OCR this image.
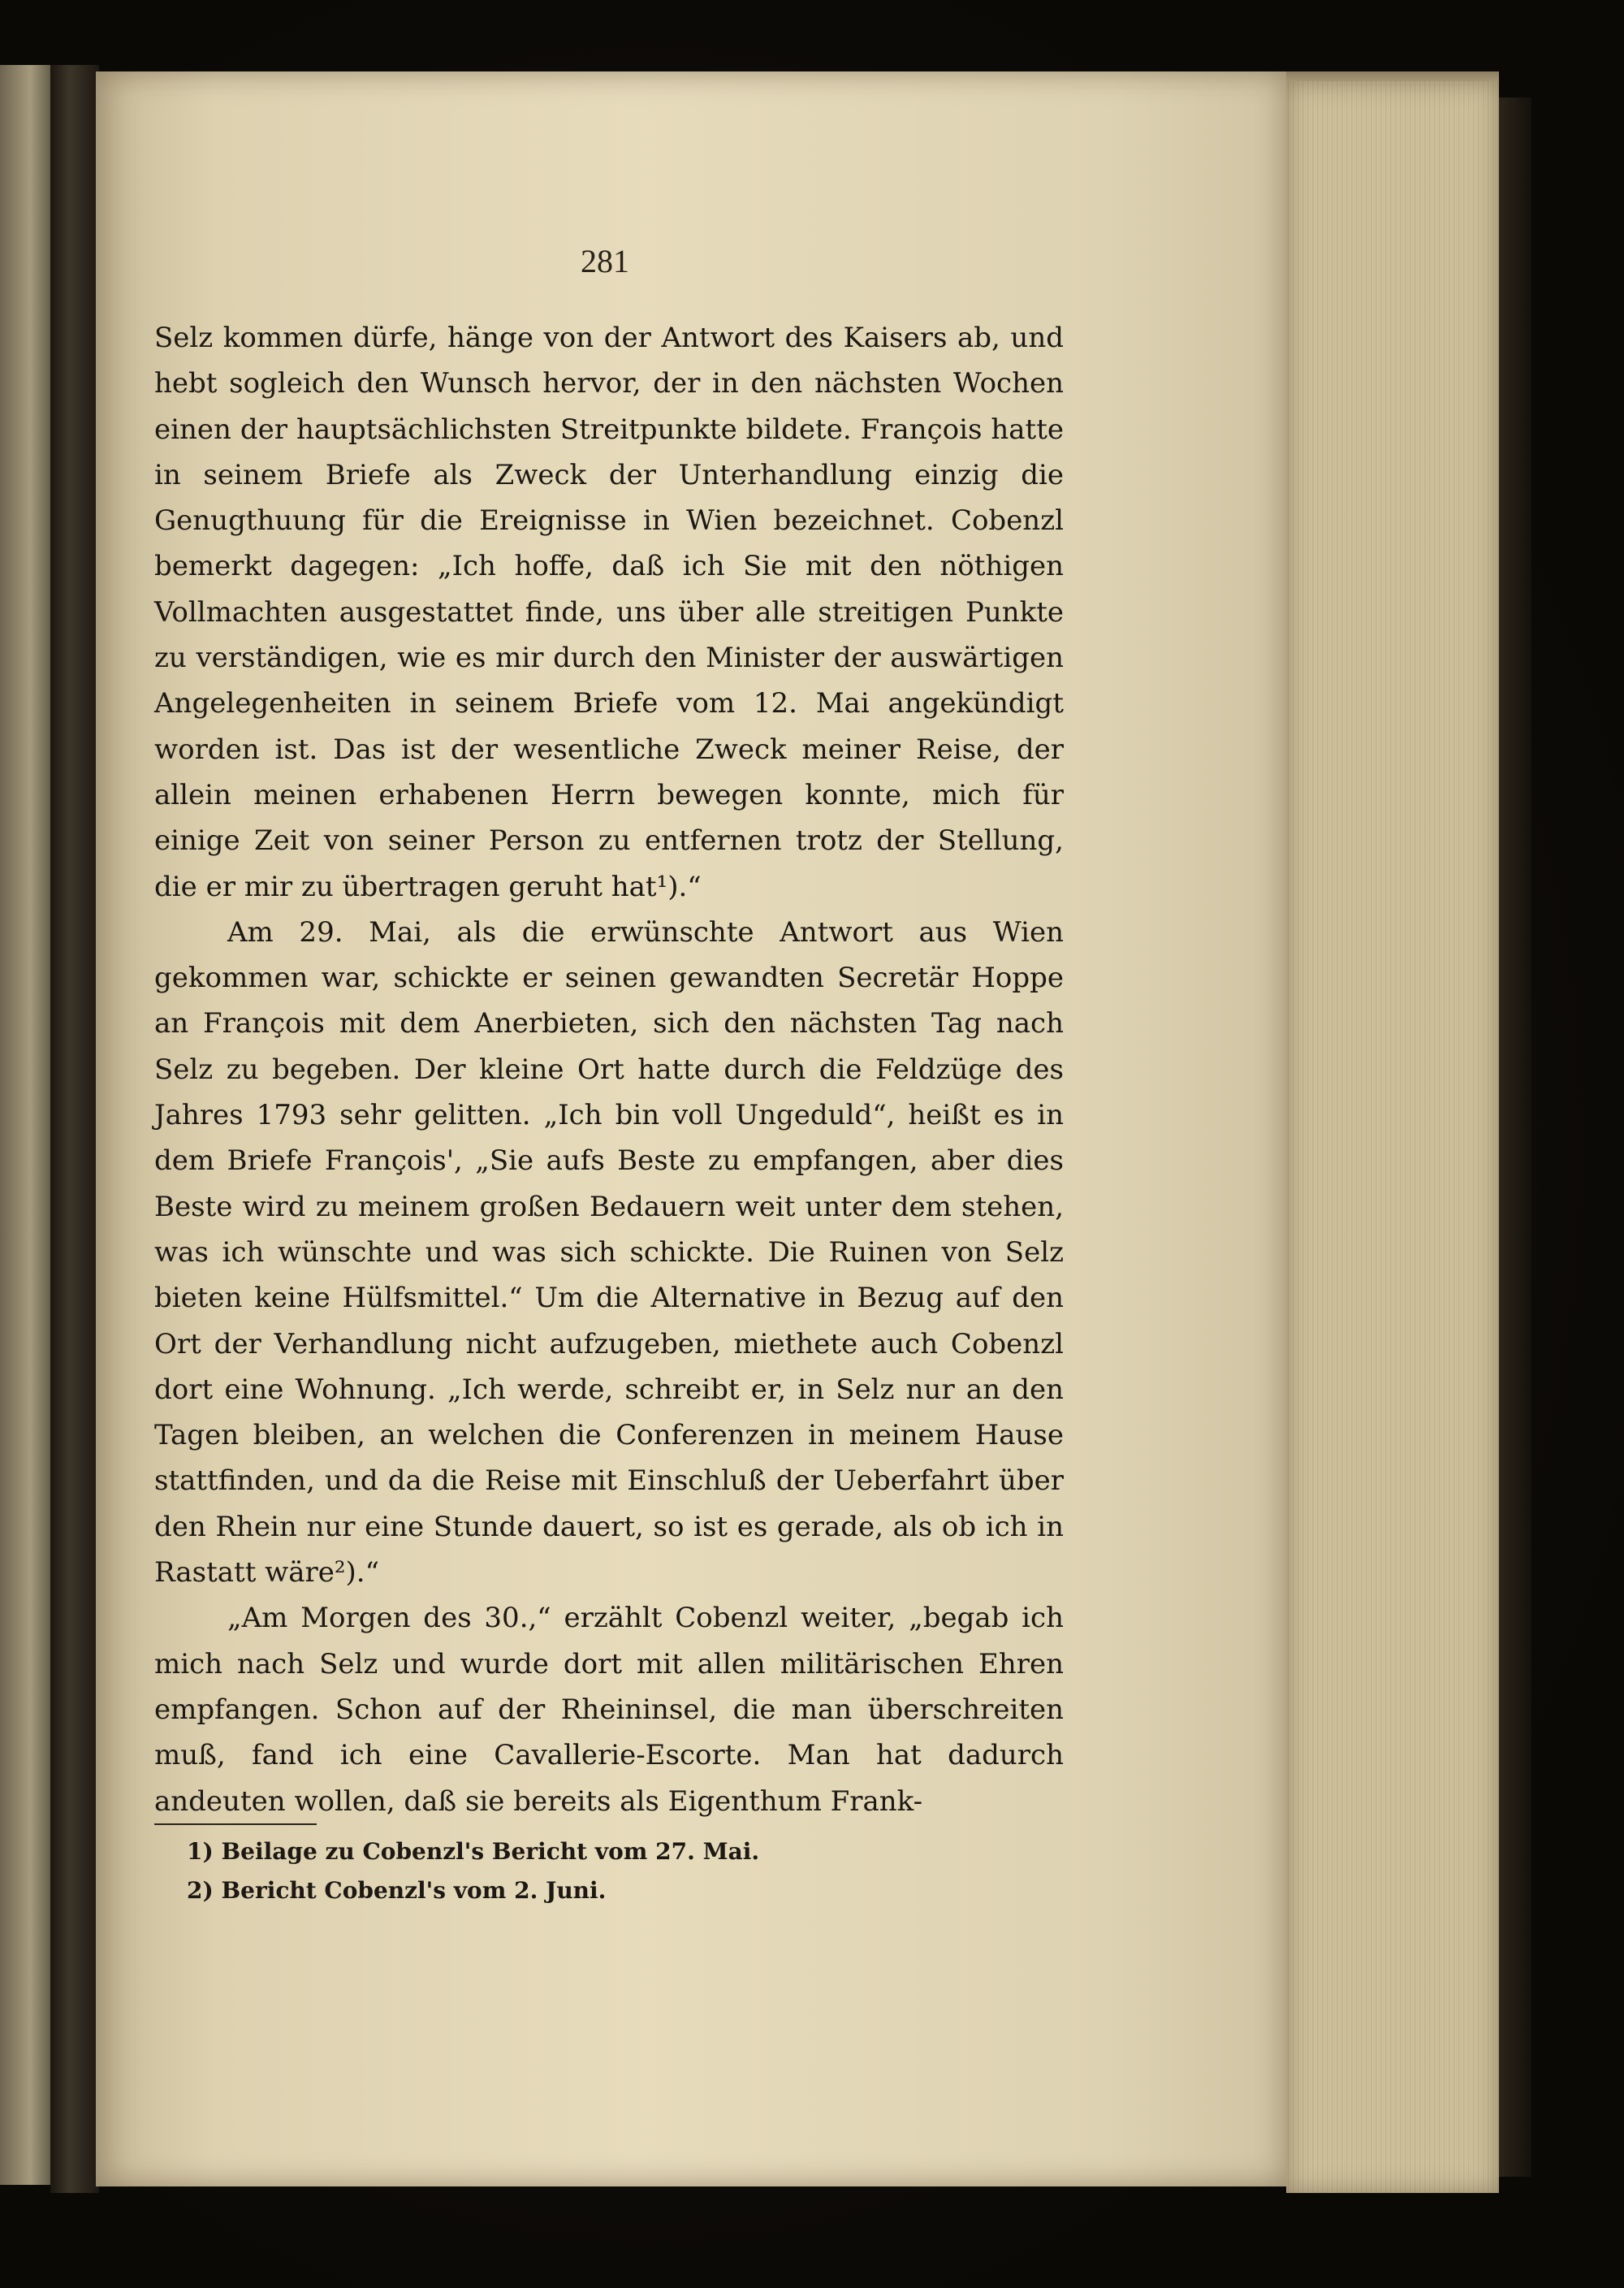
281

Selz kommen dürfe, hänge von der Antwort des Kaisers ab, und hebt sogleich den Wunsch hervor, der in den nächsten Wochen einen der hauptsächlichsten Streitpunkte bildete. François hatte in seinem Briefe als Zweck der Unterhandlung einzig die Genugthuung für die Ereignisse in Wien bezeichnet. Cobenzl bemerkt dagegen: „Ich hoffe, daß ich Sie mit den nöthigen Vollmachten ausgestattet finde, uns über alle streitigen Punkte zu verständigen, wie es mir durch den Minister der auswärtigen Angelegenheiten in seinem Briefe vom 12. Mai angekündigt worden ist. Das ist der wesentliche Zweck meiner Reise, der allein meinen erhabenen Herrn bewegen konnte, mich für einige Zeit von seiner Person zu entfernen trotz der Stellung, die er mir zu übertragen geruht hat¹).“

Am 29. Mai, als die erwünschte Antwort aus Wien gekommen war, schickte er seinen gewandten Secretär Hoppe an François mit dem Anerbieten, sich den nächsten Tag nach Selz zu begeben. Der kleine Ort hatte durch die Feldzüge des Jahres 1793 sehr gelitten. „Ich bin voll Ungeduld“, heißt es in dem Briefe François', „Sie aufs Beste zu empfangen, aber dies Beste wird zu meinem großen Bedauern weit unter dem stehen, was ich wünschte und was sich schickte. Die Ruinen von Selz bieten keine Hülfsmittel.“ Um die Alternative in Bezug auf den Ort der Verhandlung nicht aufzugeben, miethete auch Cobenzl dort eine Wohnung. „Ich werde, schreibt er, in Selz nur an den Tagen bleiben, an welchen die Conferenzen in meinem Hause stattfinden, und da die Reise mit Einschluß der Ueberfahrt über den Rhein nur eine Stunde dauert, so ist es gerade, als ob ich in Rastatt wäre²).“

„Am Morgen des 30.,“ erzählt Cobenzl weiter, „begab ich mich nach Selz und wurde dort mit allen militärischen Ehren empfangen. Schon auf der Rheininsel, die man überschreiten muß, fand ich eine Cavallerie-Escorte. Man hat dadurch andeuten wollen, daß sie bereits als Eigenthum Frank-

1) Beilage zu Cobenzl's Bericht vom 27. Mai.
2) Bericht Cobenzl's vom 2. Juni.
